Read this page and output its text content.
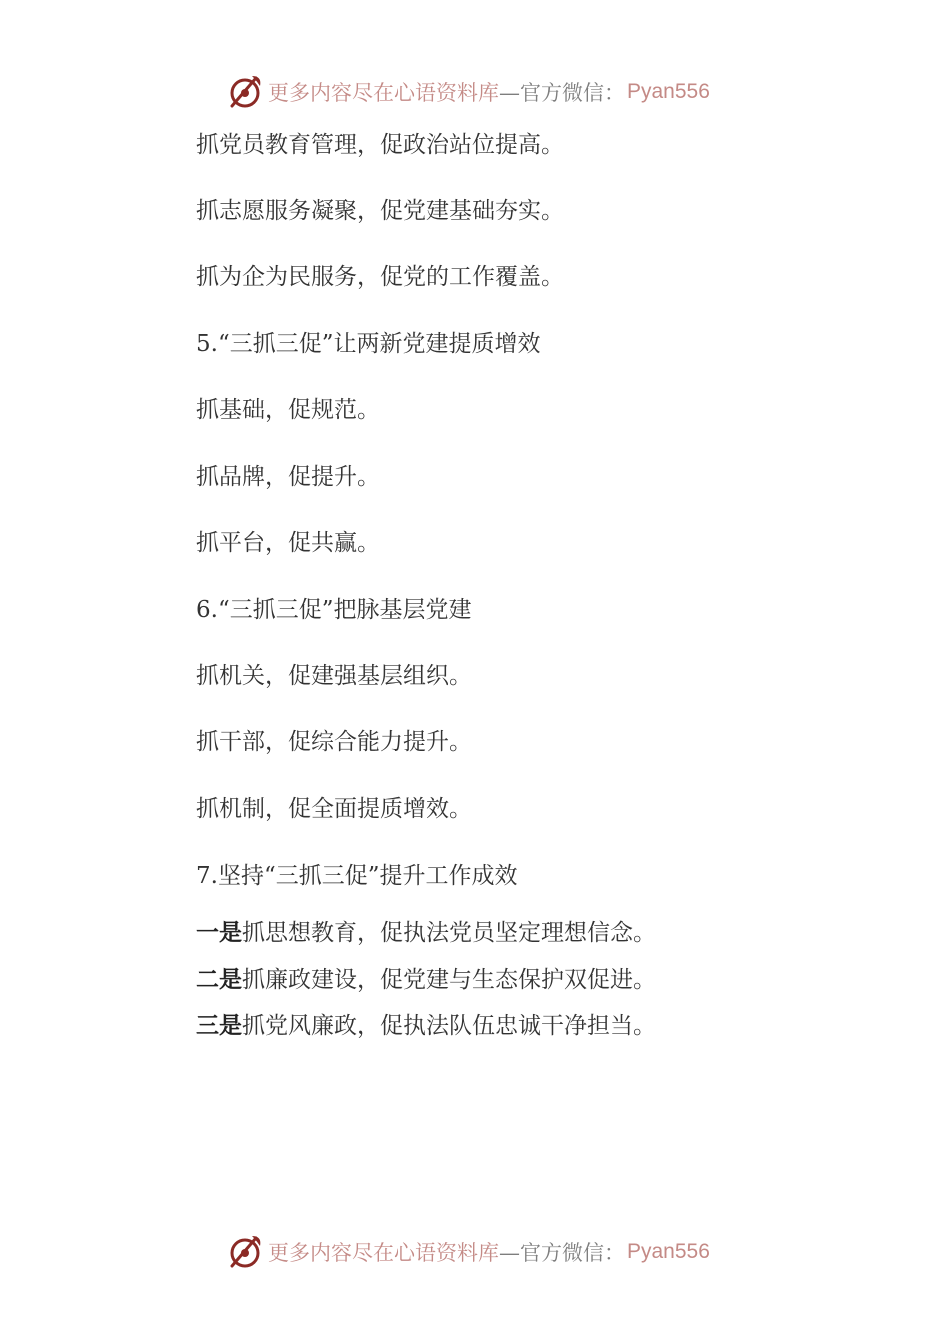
更多内容尽在心语资料库 —官方微信： Pyan556
抓党员教育管理，促政治站位提高。
抓志愿服务凝聚，促党建基础夯实。
抓为企为民服务，促党的工作覆盖。
5.“三抓三促”让两新党建提质增效
抓基础，促规范。
抓品牌，促提升。
抓平台，促共赢。
6.“三抓三促”把脉基层党建
抓机关，促建强基层组织。
抓干部，促综合能力提升。
抓机制，促全面提质增效。
7.坚持“三抓三促”提升工作成效
一是抓思想教育，促执法党员坚定理想信念。
二是抓廉政建设，促党建与生态保护双促进。
三是抓党风廉政，促执法队伍忠诚干净担当。
更多内容尽在心语资料库 —官方微信： Pyan556
